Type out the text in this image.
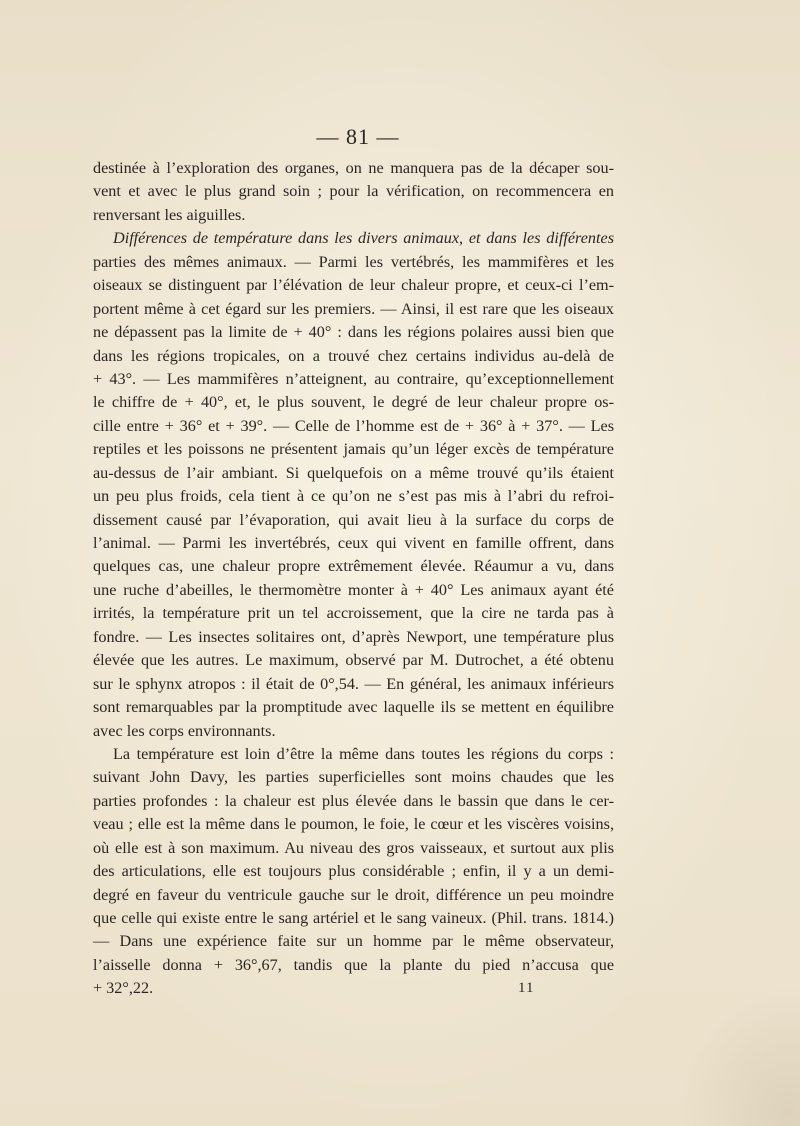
— 81 —
destinée à l’exploration des organes, on ne manquera pas de la décaper sou-
vent et avec le plus grand soin ; pour la vérification, on recommencera en
renversant les aiguilles.
Différences de température dans les divers animaux, et dans les différentes
parties des mêmes animaux. — Parmi les vertébrés, les mammifères et les
oiseaux se distinguent par l’élévation de leur chaleur propre, et ceux-ci l’em-
portent même à cet égard sur les premiers. — Ainsi, il est rare que les oiseaux
ne dépassent pas la limite de + 40° : dans les régions polaires aussi bien que
dans les régions tropicales, on a trouvé chez certains individus au-delà de
+ 43°. — Les mammifères n’atteignent, au contraire, qu’exceptionnellement
le chiffre de + 40°, et, le plus souvent, le degré de leur chaleur propre os-
cille entre + 36° et + 39°. — Celle de l’homme est de + 36° à + 37°. — Les
reptiles et les poissons ne présentent jamais qu’un léger excès de température
au-dessus de l’air ambiant. Si quelquefois on a même trouvé qu’ils étaient
un peu plus froids, cela tient à ce qu’on ne s’est pas mis à l’abri du refroi-
dissement causé par l’évaporation, qui avait lieu à la surface du corps de
l’animal. — Parmi les invertébrés, ceux qui vivent en famille offrent, dans
quelques cas, une chaleur propre extrêmement élevée. Réaumur a vu, dans
une ruche d’abeilles, le thermomètre monter à + 40° Les animaux ayant été
irrités, la température prit un tel accroissement, que la cire ne tarda pas à
fondre. — Les insectes solitaires ont, d’après Newport, une température plus
élevée que les autres. Le maximum, observé par M. Dutrochet, a été obtenu
sur le sphynx atropos : il était de 0°,54. — En général, les animaux inférieurs
sont remarquables par la promptitude avec laquelle ils se mettent en équilibre
avec les corps environnants.
La température est loin d’être la même dans toutes les régions du corps :
suivant John Davy, les parties superficielles sont moins chaudes que les
parties profondes : la chaleur est plus élevée dans le bassin que dans le cer-
veau ; elle est la même dans le poumon, le foie, le cœur et les viscères voisins,
où elle est à son maximum. Au niveau des gros vaisseaux, et surtout aux plis
des articulations, elle est toujours plus considérable ; enfin, il y a un demi-
degré en faveur du ventricule gauche sur le droit, différence un peu moindre
que celle qui existe entre le sang artériel et le sang vaineux. (Phil. trans. 1814.)
— Dans une expérience faite sur un homme par le même observateur,
l’aisselle donna + 36°,67, tandis que la plante du pied n’accusa que
+ 32°,22.	11
